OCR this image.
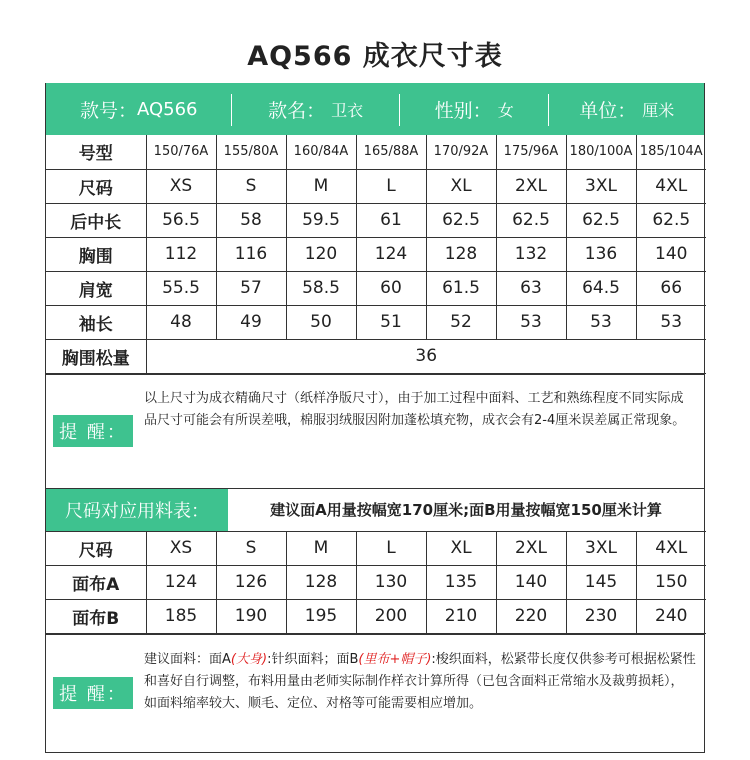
AQ566 成衣尺寸表
款号： AQ566	款名： 卫衣	性别： 女	单位： 厘米
号型	150/76A	155/80A	160/84A	165/88A	170/92A	175/96A	180/100A	185/104A
尺码	XS	S	M	L	XL	2XL	3XL	4XL
后中长	56.5	58	59.5	61	62.5	62.5	62.5	62.5
胸围	112	116	120	124	128	132	136	140
肩宽	55.5	57	58.5	60	61.5	63	64.5	66
袖长	48	49	50	51	52	53	53	53
胸围松量	36							
提 醒：
以上尺寸为成衣精确尺寸（纸样净版尺寸），由于加工过程中面料、工艺和熟练程度不同实际成品尺寸可能会有所误差哦，棉服羽绒服因附加蓬松填充物，成衣会有2-4厘米误差属正常现象。
尺码对应用料表：	建议面A用量按幅宽170厘米;面B用量按幅宽150厘米计算
尺码	XS	S	M	L	XL	2XL	3XL	4XL
面布A	124	126	128	130	135	140	145	150
面布B	185	190	195	200	210	220	230	240
提 醒：
建议面料：面A(大身):针织面料；面B(里布+帽子):梭织面料，松紧带长度仅供参考可根据松紧性和喜好自行调整，布料用量由老师实际制作样衣计算所得（已包含面料正常缩水及裁剪损耗），如面料缩率较大、顺毛、定位、对格等可能需要相应增加。
